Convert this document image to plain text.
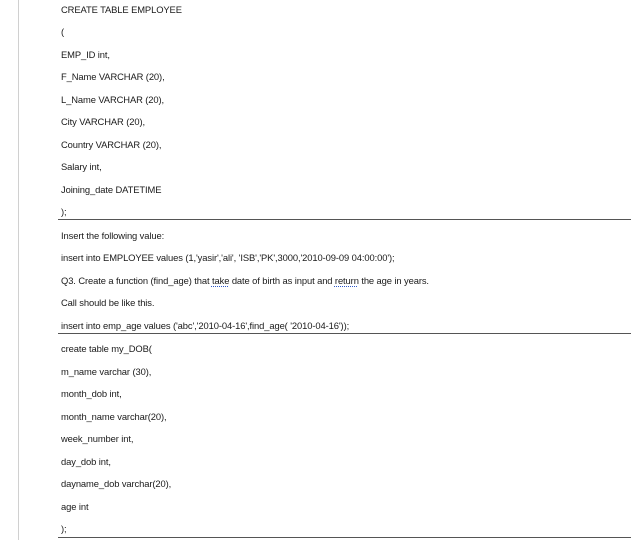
CREATE TABLE EMPLOYEE
(
EMP_ID int,
F_Name VARCHAR (20),
L_Name VARCHAR (20),
City VARCHAR (20),
Country VARCHAR (20),
Salary int,
Joining_date DATETIME
);
Insert the following value:
insert into EMPLOYEE values (1,'yasir','ali', 'ISB','PK',3000,'2010-09-09 04:00:00');
Q3. Create a function (find_age) that take date of birth as input and return the age in years.
Call should be like this.
insert into emp_age values ('abc','2010-04-16',find_age( '2010-04-16'));
create table my_DOB(
m_name varchar (30),
month_dob int,
month_name varchar(20),
week_number int,
day_dob int,
dayname_dob varchar(20),
age int
);
